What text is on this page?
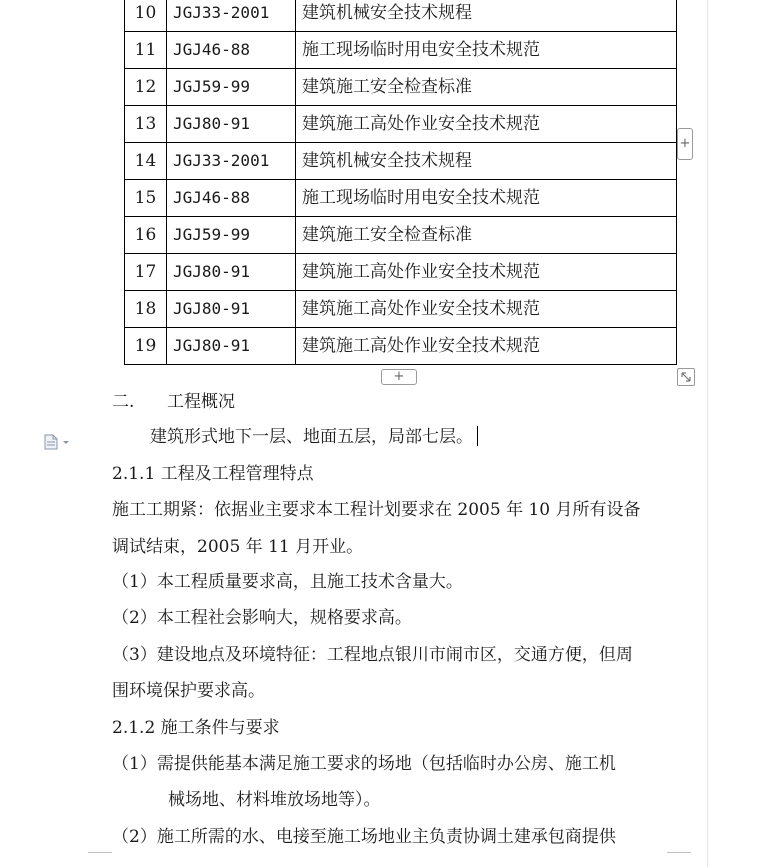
10	JGJ33-2001	建筑机械安全技术规程
11	JGJ46-88	施工现场临时用电安全技术规范
12	JGJ59-99	建筑施工安全检查标准
13	JGJ80-91	建筑施工高处作业安全技术规范
14	JGJ33-2001	建筑机械安全技术规程
15	JGJ46-88	施工现场临时用电安全技术规范
16	JGJ59-99	建筑施工安全检查标准
17	JGJ80-91	建筑施工高处作业安全技术规范
18	JGJ80-91	建筑施工高处作业安全技术规范
19	JGJ80-91	建筑施工高处作业安全技术规范
+
+
二. 工程概况
建筑形式地下一层、地面五层，局部七层。
2.1.1 工程及工程管理特点
施工工期紧：依据业主要求本工程计划要求在 2005 年 10 月所有设备
调试结束，2005 年 11 月开业。
（1）本工程质量要求高，且施工技术含量大。
（2）本工程社会影响大，规格要求高。
（3）建设地点及环境特征：工程地点银川市闹市区，交通方便，但周
围环境保护要求高。
2.1.2 施工条件与要求
（1）需提供能基本满足施工要求的场地（包括临时办公房、施工机
械场地、材料堆放场地等）。
（2）施工所需的水、电接至施工场地业主负责协调土建承包商提供
